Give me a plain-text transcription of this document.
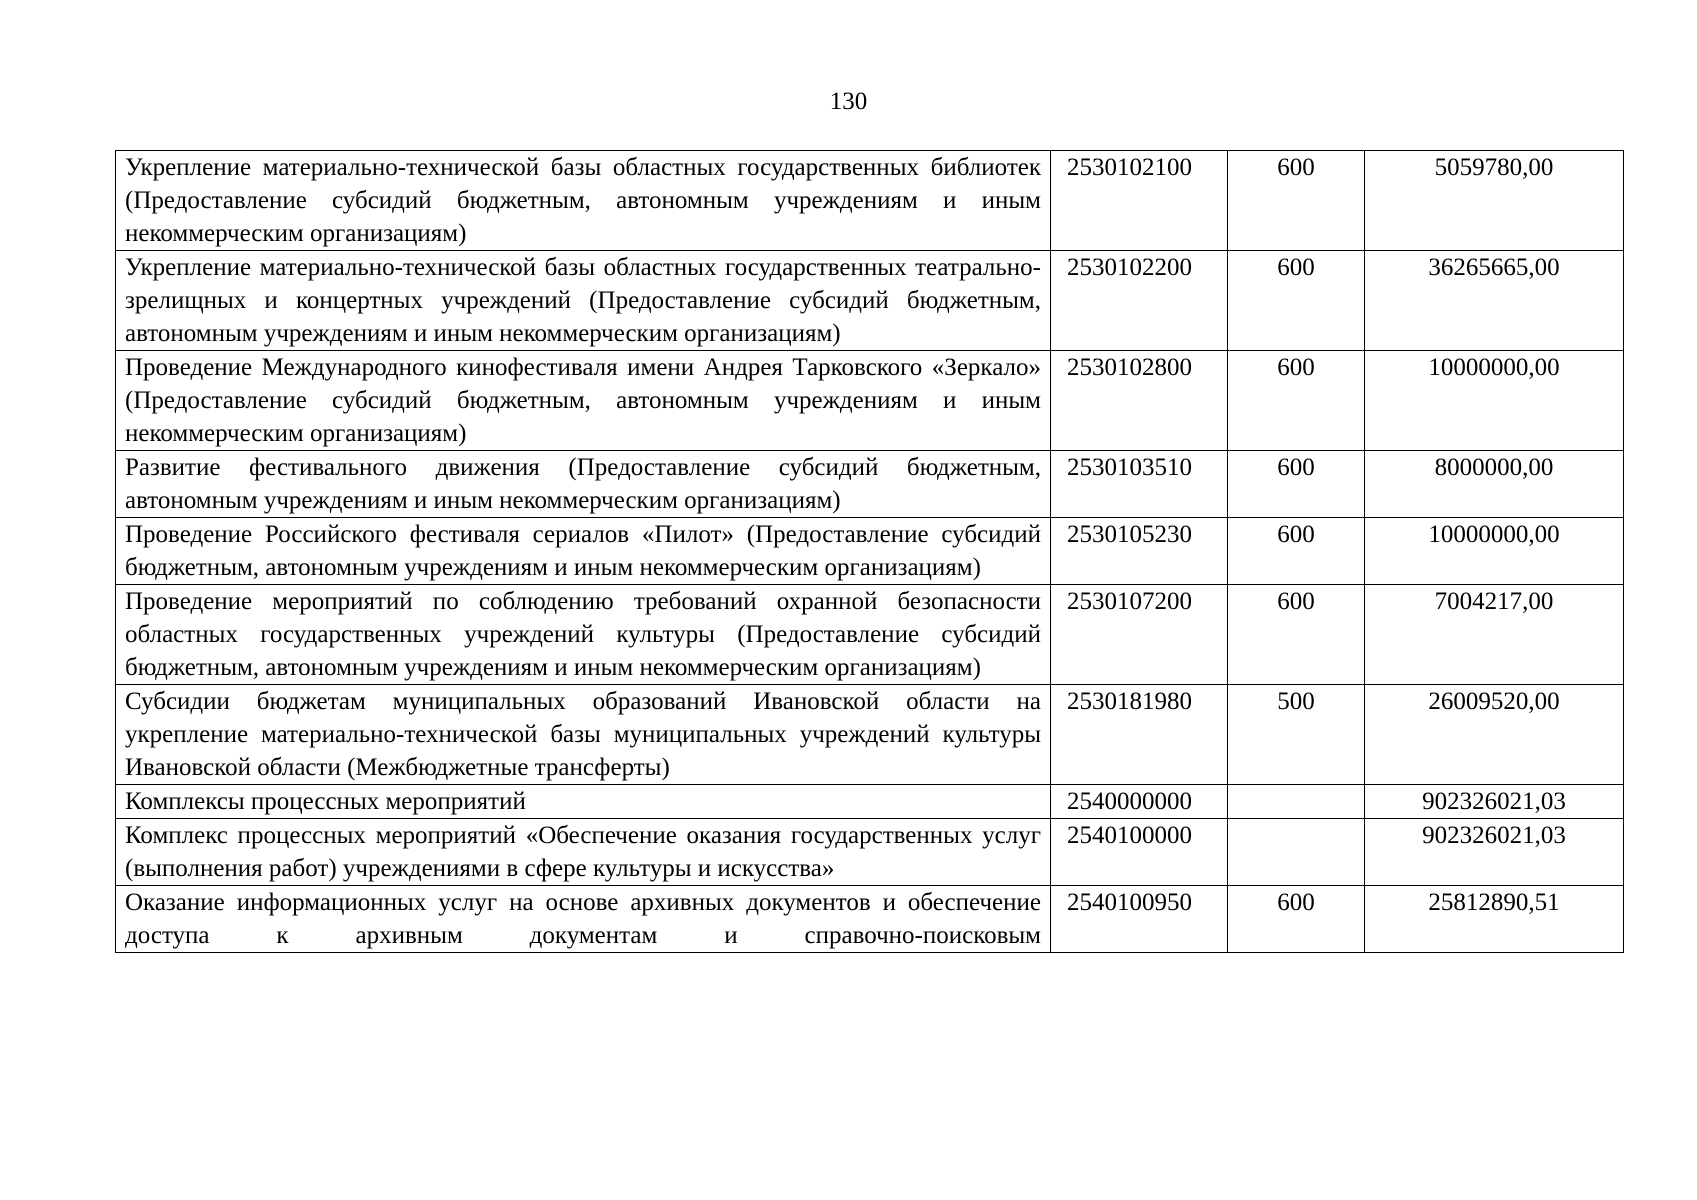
130
Укрепление материально-технической базы областных государственных библиотек (Предоставление субсидий бюджетным, автономным учреждениям и иным некоммерческим организациям)	2530102100	600	5059780,00
Укрепление материально-технической базы областных государственных театрально-зрелищных и концертных учреждений (Предоставление субсидий бюджетным, автономным учреждениям и иным некоммерческим организациям)	2530102200	600	36265665,00
Проведение Международного кинофестиваля имени Андрея Тарковского «Зеркало» (Предоставление субсидий бюджетным, автономным учреждениям и иным некоммерческим организациям)	2530102800	600	10000000,00
Развитие фестивального движения (Предоставление субсидий бюджетным, автономным учреждениям и иным некоммерческим организациям)	2530103510	600	8000000,00
Проведение Российского фестиваля сериалов «Пилот» (Предоставление субсидий бюджетным, автономным учреждениям и иным некоммерческим организациям)	2530105230	600	10000000,00
Проведение мероприятий по соблюдению требований охранной безопасности областных государственных учреждений культуры (Предоставление субсидий бюджетным, автономным учреждениям и иным некоммерческим организациям)	2530107200	600	7004217,00
Субсидии бюджетам муниципальных образований Ивановской области на укрепление материально-технической базы муниципальных учреждений культуры Ивановской области (Межбюджетные трансферты)	2530181980	500	26009520,00
Комплексы процессных мероприятий	2540000000		902326021,03
Комплекс процессных мероприятий «Обеспечение оказания государственных услуг (выполнения работ) учреждениями в сфере культуры и искусства»	2540100000		902326021,03
Оказание информационных услуг на основе архивных документов и обеспечение доступа к архивным документам и справочно-поисковым	2540100950	600	25812890,51
